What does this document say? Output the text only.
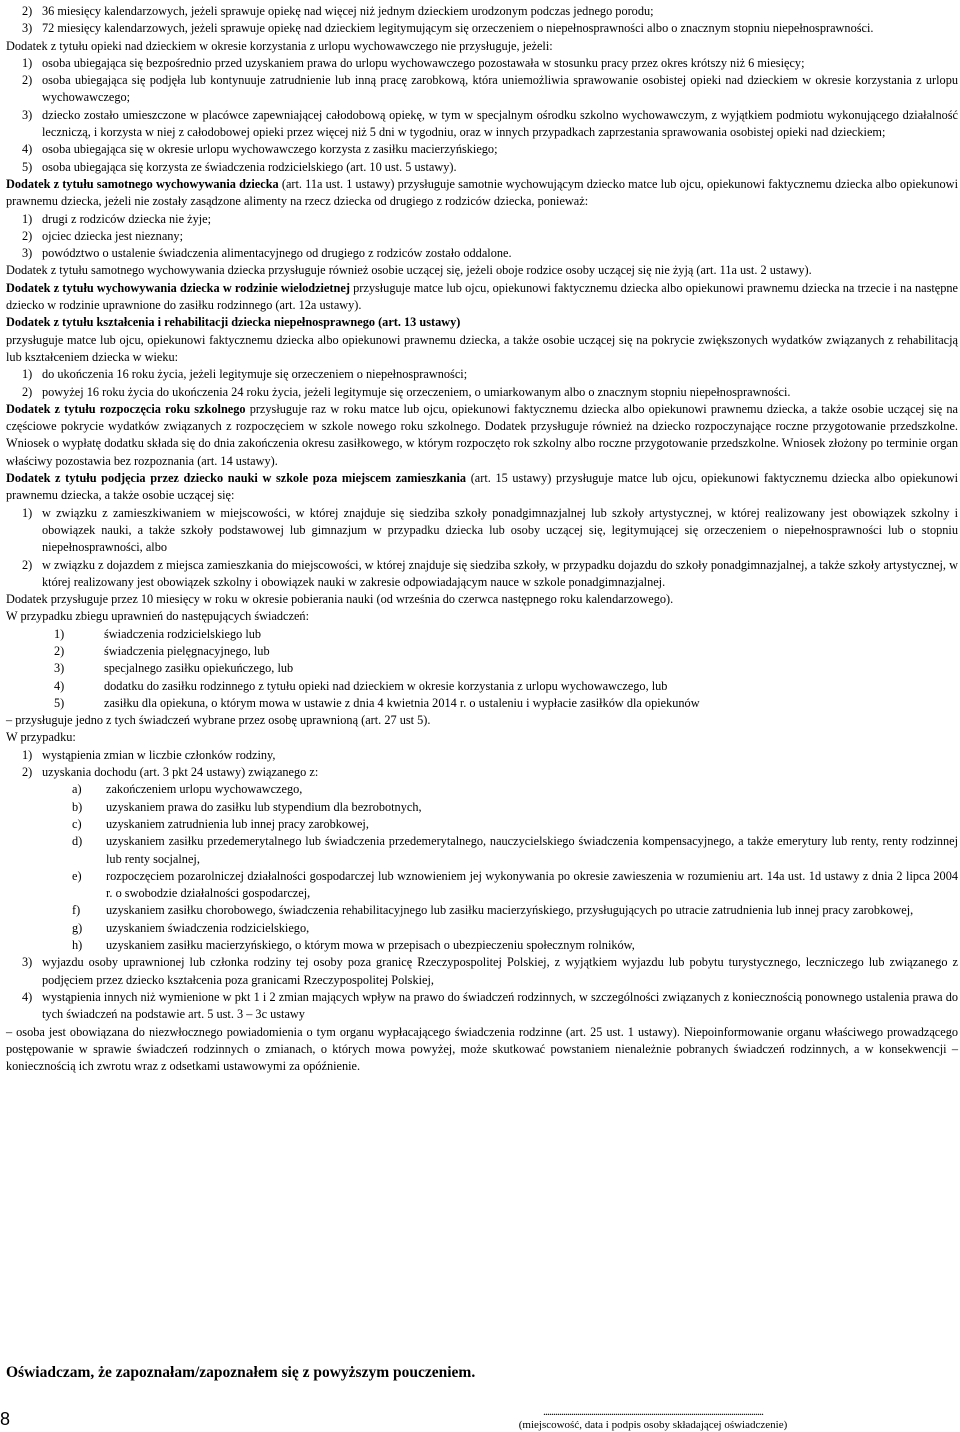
2) 36 miesięcy kalendarzowych, jeżeli sprawuje opiekę nad więcej niż jednym dzieckiem urodzonym podczas jednego porodu;
3) 72 miesięcy kalendarzowych, jeżeli sprawuje opiekę nad dzieckiem legitymującym się orzeczeniem o niepełnosprawności albo o znacznym stopniu niepełnosprawności.

Dodatek z tytułu opieki nad dzieckiem w okresie korzystania z urlopu wychowawczego nie przysługuje, jeżeli:

1) osoba ubiegająca się bezpośrednio przed uzyskaniem prawa do urlopu wychowawczego pozostawała w stosunku pracy przez okres krótszy niż 6 miesięcy;
2) osoba ubiegająca się podjęła lub kontynuuje zatrudnienie lub inną pracę zarobkową, która uniemożliwia sprawowanie osobistej opieki nad dzieckiem w okresie korzystania z urlopu wychowawczego;
3) dziecko zostało umieszczone w placówce zapewniającej całodobową opiekę, w tym w specjalnym ośrodku szkolno wychowawczym, z wyjątkiem podmiotu wykonującego działalność leczniczą, i korzysta w niej z całodobowej opieki przez więcej niż 5 dni w tygodniu, oraz w innych przypadkach zaprzestania sprawowania osobistej opieki nad dzieckiem;
4) osoba ubiegająca się w okresie urlopu wychowawczego korzysta z zasiłku macierzyńskiego;
5) osoba ubiegająca się korzysta ze świadczenia rodzicielskiego (art. 10 ust. 5 ustawy).

Dodatek z tytułu samotnego wychowywania dziecka (art. 11a ust. 1 ustawy) przysługuje samotnie wychowującym dziecko matce lub ojcu, opiekunowi faktycznemu dziecka albo opiekunowi prawnemu dziecka, jeżeli nie zostały zasądzone alimenty na rzecz dziecka od drugiego z rodziców dziecka, ponieważ:

1) drugi z rodziców dziecka nie żyje;
2) ojciec dziecka jest nieznany;
3) powództwo o ustalenie świadczenia alimentacyjnego od drugiego z rodziców zostało oddalone.

Dodatek z tytułu samotnego wychowywania dziecka przysługuje również osobie uczącej się, jeżeli oboje rodzice osoby uczącej się nie żyją (art. 11a ust. 2 ustawy).

Dodatek z tytułu wychowywania dziecka w rodzinie wielodzietnej przysługuje matce lub ojcu, opiekunowi faktycznemu dziecka albo opiekunowi prawnemu dziecka na trzecie i na następne dziecko w rodzinie uprawnione do zasiłku rodzinnego (art. 12a ustawy).

Dodatek z tytułu kształcenia i rehabilitacji dziecka niepełnosprawnego (art. 13 ustawy)

przysługuje matce lub ojcu, opiekunowi faktycznemu dziecka albo opiekunowi prawnemu dziecka, a także osobie uczącej się na pokrycie zwiększonych wydatków związanych z rehabilitacją lub kształceniem dziecka w wieku:

1) do ukończenia 16 roku życia, jeżeli legitymuje się orzeczeniem o niepełnosprawności;
2) powyżej 16 roku życia do ukończenia 24 roku życia, jeżeli legitymuje się orzeczeniem, o umiarkowanym albo o znacznym stopniu niepełnosprawności.

Dodatek z tytułu rozpoczęcia roku szkolnego przysługuje raz w roku matce lub ojcu, opiekunowi faktycznemu dziecka albo opiekunowi prawnemu dziecka, a także osobie uczącej się na częściowe pokrycie wydatków związanych z rozpoczęciem w szkole nowego roku szkolnego. Dodatek przysługuje również na dziecko rozpoczynające roczne przygotowanie przedszkolne. Wniosek o wypłatę dodatku składa się do dnia zakończenia okresu zasiłkowego, w którym rozpoczęto rok szkolny albo roczne przygotowanie przedszkolne. Wniosek złożony po terminie organ właściwy pozostawia bez rozpoznania (art. 14 ustawy).

Dodatek z tytułu podjęcia przez dziecko nauki w szkole poza miejscem zamieszkania (art. 15 ustawy) przysługuje matce lub ojcu, opiekunowi faktycznemu dziecka albo opiekunowi prawnemu dziecka, a także osobie uczącej się:

1) w związku z zamieszkiwaniem w miejscowości, w której znajduje się siedziba szkoły ponadgimnazjalnej lub szkoły artystycznej, w której realizowany jest obowiązek szkolny i obowiązek nauki, a także szkoły podstawowej lub gimnazjum w przypadku dziecka lub osoby uczącej się, legitymującej się orzeczeniem o niepełnosprawności lub o stopniu niepełnosprawności, albo
2) w związku z dojazdem z miejsca zamieszkania do miejscowości, w której znajduje się siedziba szkoły, w przypadku dojazdu do szkoły ponadgimnazjalnej, a także szkoły artystycznej, w której realizowany jest obowiązek szkolny i obowiązek nauki w zakresie odpowiadającym nauce w szkole ponadgimnazjalnej.

Dodatek przysługuje przez 10 miesięcy w roku w okresie pobierania nauki (od września do czerwca następnego roku kalendarzowego).

W przypadku zbiegu uprawnień do następujących świadczeń:

1)	świadczenia rodzicielskiego lub
2)	świadczenia pielęgnacyjnego, lub
3)	specjalnego zasiłku opiekuńczego, lub
4)	dodatku do zasiłku rodzinnego z tytułu opieki nad dzieckiem w okresie korzystania z urlopu wychowawczego, lub
5)	zasiłku dla opiekuna, o którym mowa w ustawie z dnia 4 kwietnia 2014 r. o ustaleniu i wypłacie zasiłków dla opiekunów

– przysługuje jedno z tych świadczeń wybrane przez osobę uprawnioną (art. 27 ust 5).

W przypadku:

1) wystąpienia zmian w liczbie członków rodziny,
2) uzyskania dochodu (art. 3 pkt 24 ustawy) związanego z:
a)	zakończeniem urlopu wychowawczego,
b)	uzyskaniem prawa do zasiłku lub stypendium dla bezrobotnych,
c)	uzyskaniem zatrudnienia lub innej pracy zarobkowej,
d)	uzyskaniem zasiłku przedemerytalnego lub świadczenia przedemerytalnego, nauczycielskiego świadczenia kompensacyjnego, a także emerytury lub renty, renty rodzinnej lub renty socjalnej,
e)	rozpoczęciem pozarolniczej działalności gospodarczej lub wznowieniem jej wykonywania po okresie zawieszenia w rozumieniu art. 14a ust. 1d ustawy z dnia 2 lipca 2004 r. o swobodzie działalności gospodarczej,
f)	uzyskaniem zasiłku chorobowego, świadczenia rehabilitacyjnego lub zasiłku macierzyńskiego, przysługujących po utracie zatrudnienia lub innej pracy zarobkowej,
g)	uzyskaniem świadczenia rodzicielskiego,
h)	uzyskaniem zasiłku macierzyńskiego, o którym mowa w przepisach o ubezpieczeniu społecznym rolników,
3) wyjazdu osoby uprawnionej lub członka rodziny tej osoby poza granicę Rzeczypospolitej Polskiej, z wyjątkiem wyjazdu lub pobytu turystycznego, leczniczego lub związanego z podjęciem przez dziecko kształcenia poza granicami Rzeczypospolitej Polskiej,
4) wystąpienia innych niż wymienione w pkt 1 i 2 zmian mających wpływ na prawo do świadczeń rodzinnych, w szczególności związanych z koniecznością ponownego ustalenia prawa do tych świadczeń na podstawie art. 5 ust. 3 – 3c ustawy

– osoba jest obowiązana do niezwłocznego powiadomienia o tym organu wypłacającego świadczenia rodzinne (art. 25 ust. 1 ustawy). Niepoinformowanie organu właściwego prowadzącego postępowanie w sprawie świadczeń rodzinnych o zmianach, o których mowa powyżej, może skutkować powstaniem nienależnie pobranych świadczeń rodzinnych, a w konsekwencji – koniecznością ich zwrotu wraz z odsetkami ustawowymi za opóźnienie.

Oświadczam, że zapoznałam/zapoznałem się z powyższym pouczeniem.
..............................................................................................................
(miejscowość, data i podpis osoby składającej oświadczenie)
8
